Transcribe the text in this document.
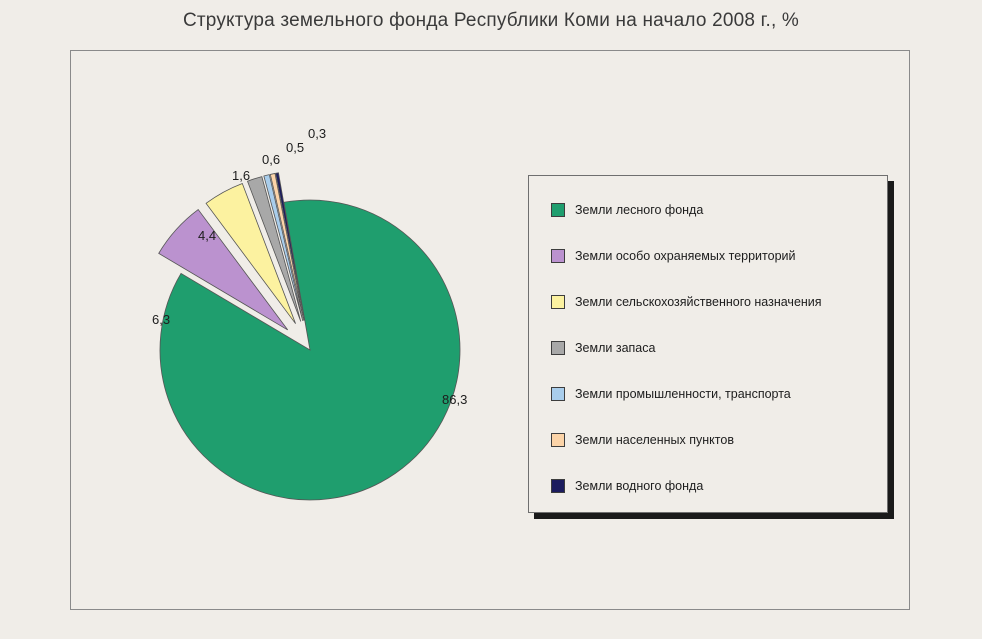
Структура земельного фонда Республики Коми на начало 2008 г., %
86,3
6,3
4,4
1,6
0,6
0,5
0,3
Земли лесного фонда
Земли особо охраняемых территорий
Земли сельскохозяйственного назначения
Земли запаса
Земли промышленности, транспорта
Земли населенных пунктов
Земли водного фонда
